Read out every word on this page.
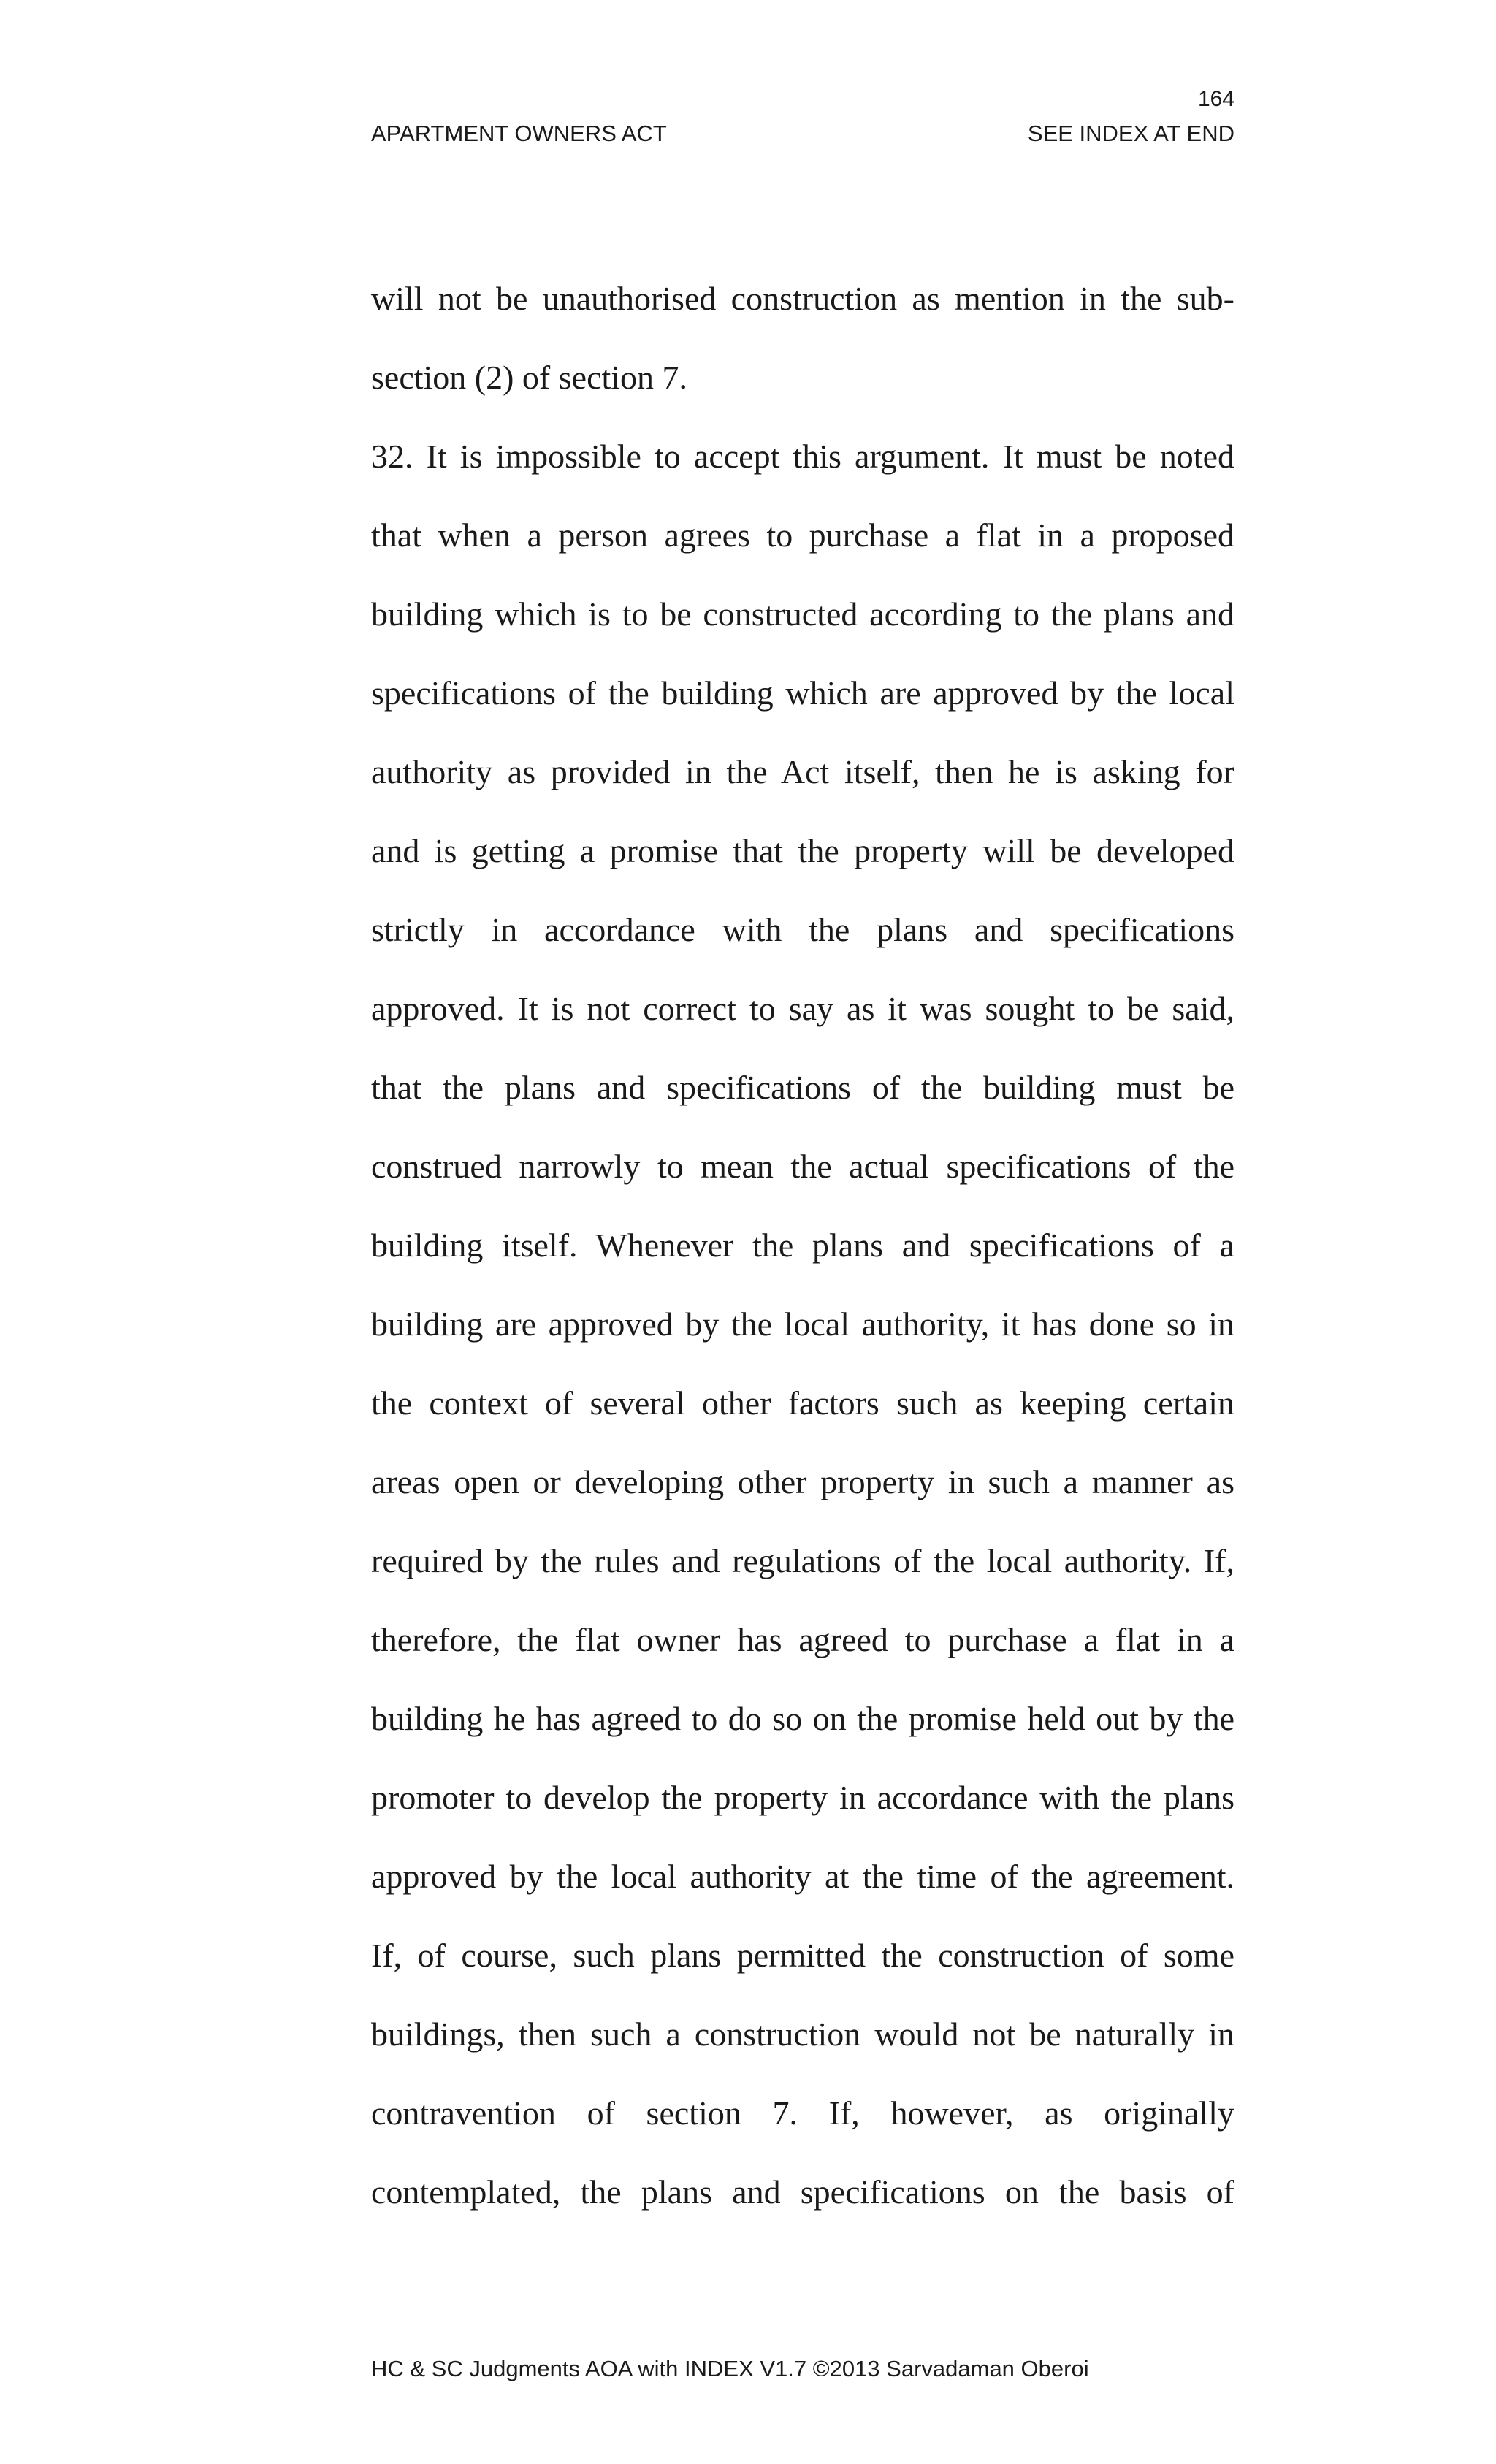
164
APARTMENT OWNERS ACT	SEE INDEX AT END
will not be unauthorised construction as mention in the sub-
section (2) of section 7.
32. It is impossible to accept this argument. It must be noted
that when a person agrees to purchase a flat in a proposed
building which is to be constructed according to the plans and
specifications of the building which are approved by the local
authority as provided in the Act itself, then he is asking for
and is getting a promise that the property will be developed
strictly in accordance with the plans and specifications
approved. It is not correct to say as it was sought to be said,
that the plans and specifications of the building must be
construed narrowly to mean the actual specifications of the
building itself. Whenever the plans and specifications of a
building are approved by the local authority, it has done so in
the context of several other factors such as keeping certain
areas open or developing other property in such a manner as
required by the rules and regulations of the local authority. If,
therefore, the flat owner has agreed to purchase a flat in a
building he has agreed to do so on the promise held out by the
promoter to develop the property in accordance with the plans
approved by the local authority at the time of the agreement.
If, of course, such plans permitted the construction of some
buildings, then such a construction would not be naturally in
contravention of section 7. If, however, as originally
contemplated, the plans and specifications on the basis of
HC & SC Judgments AOA with INDEX V1.7 ©2013 Sarvadaman Oberoi
